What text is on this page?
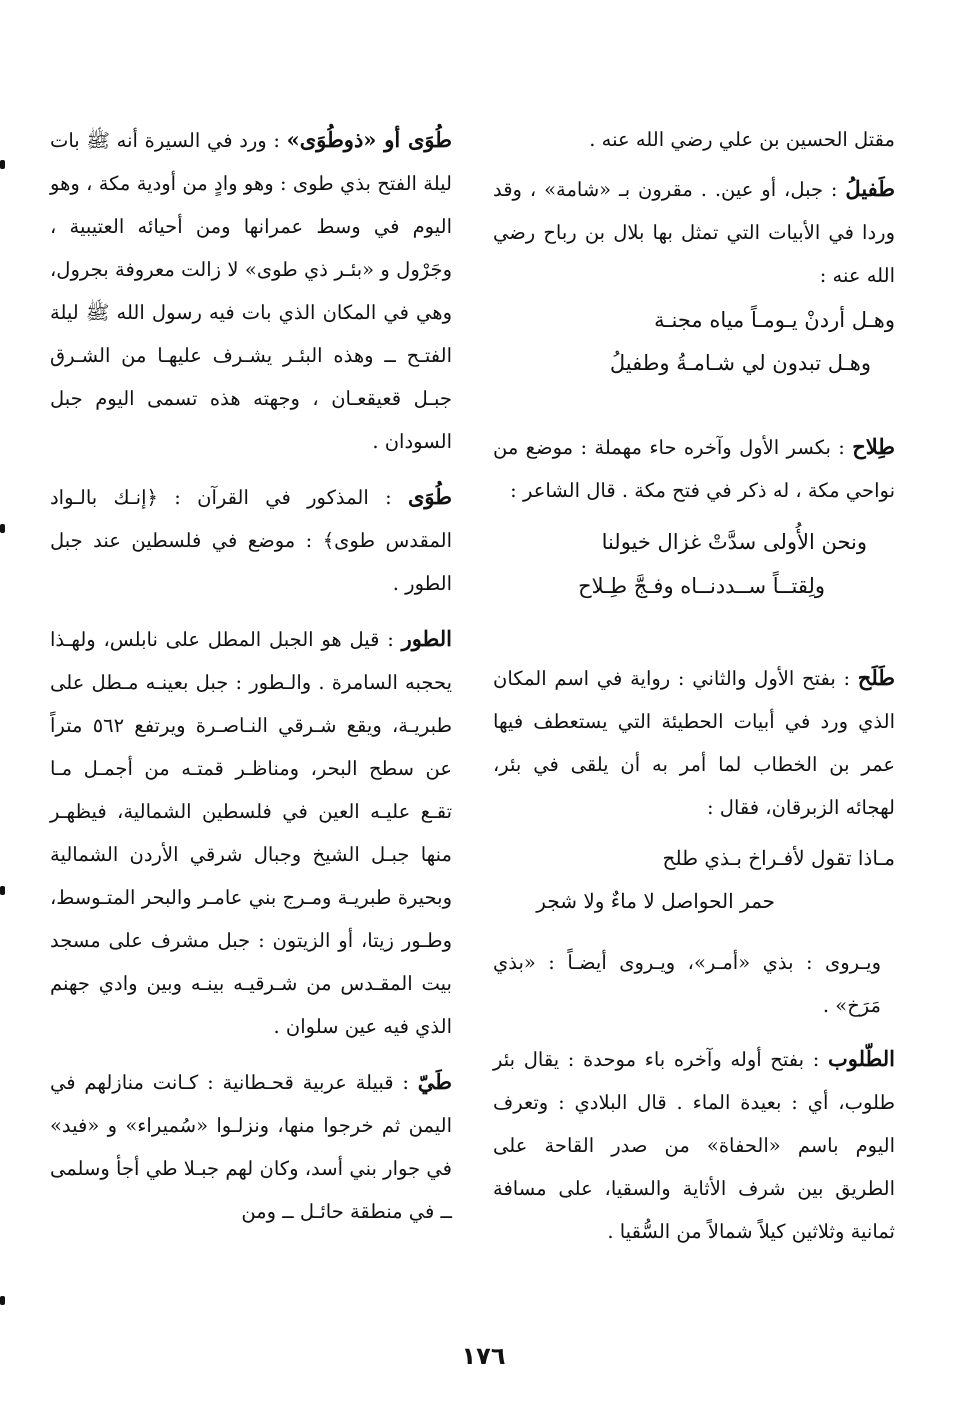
مقتل الحسين بن علي رضي الله عنه .

طَفيلُ : جبل، أو عين. . مقرون بـ «شامة» ، وقد وردا في الأبيات التي تمثل بها بلال بن رباح رضي الله عنه :
وهـل أردنْ يـومـاً مياه مجنـة
وهـل تبدون لي شـامـةُ وطفيلُ
طِلاح : بكسر الأول وآخره حاء مهملة : موضع من نواحي مكة ، له ذكر في فتح مكة . قال الشاعر :
ونحن الأُولى سدَّتْ غزال خيولنا
ولِقتــاً ســددنــاه وفـجَّ طِـلاح
طَلَح : بفتح الأول والثاني : رواية في اسم المكان الذي ورد في أبيات الحطيئة التي يستعطف فيها عمر بن الخطاب لما أمر به أن يلقى في بئر، لهجائه الزبرقان، فقال :
مـاذا تقول لأفـراخ بـذي طلح
حمر الحواصل لا ماءٌ ولا شجر

ويـروى : بذي «أمـر»، ويـروى أيضـاً : «بذي مَرَخ» .

الطّلوب : بفتح أوله وآخره باء موحدة : يقال بئر طلوب، أي : بعيدة الماء . قال البلادي : وتعرف اليوم باسم «الحفاة» من صدر القاحة على الطريق بين شرف الأثاية والسقيا، على مسافة ثمانية وثلاثين كيلاً شمالاً من السُّقيا .
طُوَى أو «ذوطُوَى» : ورد في السيرة أنه ﷺ بات ليلة الفتح بذي طوى : وهو وادٍ من أودية مكة ، وهو اليوم في وسط عمرانها ومن أحيائه العتيبية ، وجَرْول و «بئـر ذي طوى» لا زالت معروفة بجرول، وهي في المكان الذي بات فيه رسول الله ﷺ ليلة الفتـح ــ وهذه البئـر يشـرف عليهـا من الشـرق جبـل قعيقعـان ، وجهته هذه تسمى اليوم جبل السودان .
طُوَى : المذكور في القرآن : ﴿إنـك بالـواد المقدس طوى﴾ : موضع في فلسطين عند جبل الطور .
الطور : قيل هو الجبل المطل على نابلس، ولهـذا يحجبه السامرة . والـطور : جبل بعينـه مـطل على طبريـة، ويقع شـرقي النـاصـرة ويرتفع ٥٦٢ متراً عن سطح البحر، ومناظـر قمتـه من أجمـل مـا تقـع عليـه العين في فلسطين الشمالية، فيظهـر منها جبـل الشيخ وجبال شرقي الأردن الشمالية وبحيرة طبريـة ومـرج بني عامـر والبحر المتـوسط، وطـور زيتا، أو الزيتون : جبل مشرف على مسجد بيت المقـدس من شـرقيـه بينـه وبين وادي جهنم الذي فيه عين سلوان .
طَيّ : قبيلة عربية قحـطانية : كـانت منازلهم في اليمن ثم خرجوا منها، ونزلـوا «سُميراء» و «فيد» في جوار بني أسد، وكان لهم جبـلا طي أجأ وسلمى ــ في منطقة حائـل ــ ومن
١٧٦
